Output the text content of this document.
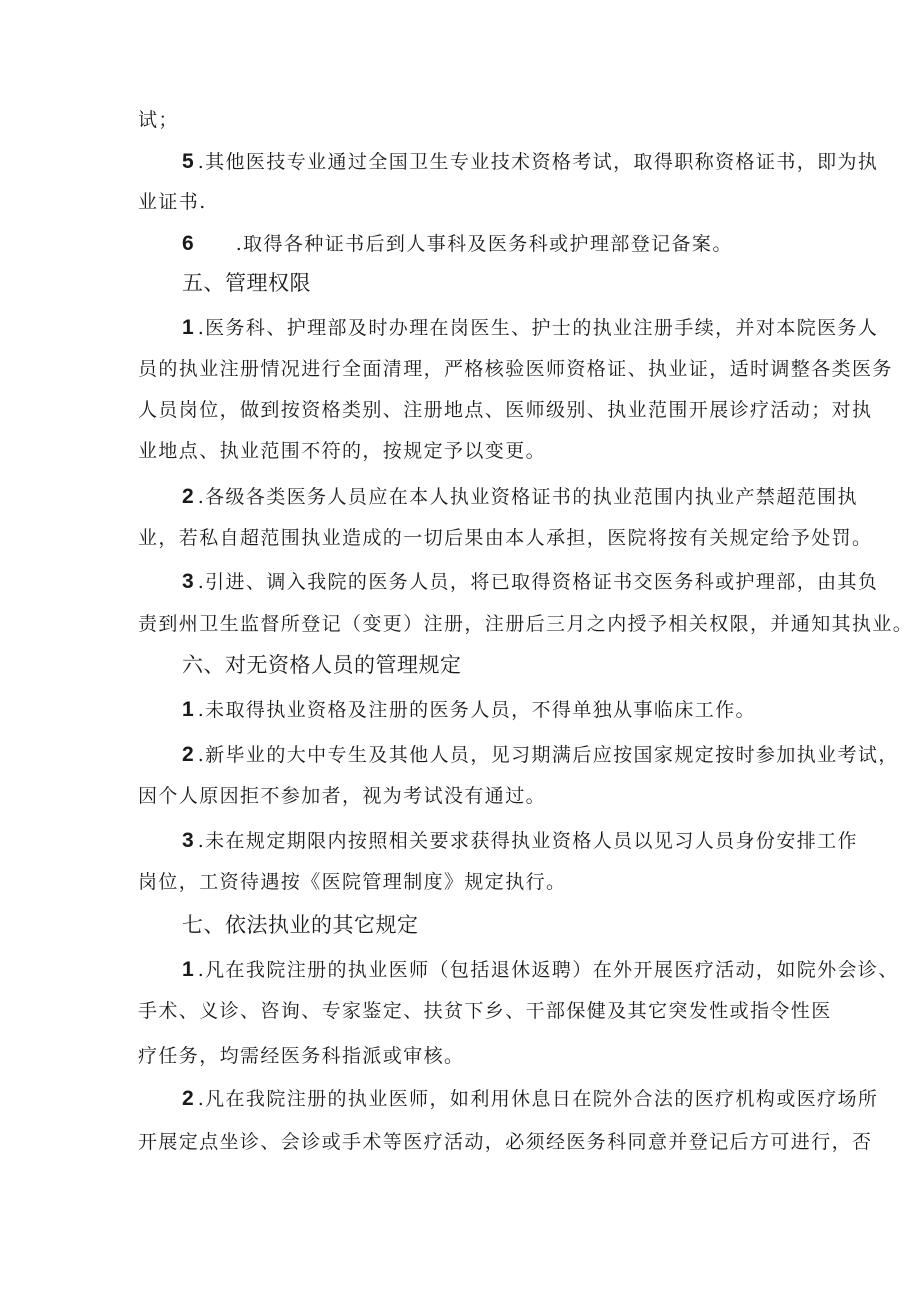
试；
5 .其他医技专业通过全国卫生专业技术资格考试，取得职称资格证书，即为执
业证书.
6 .取得各种证书后到人事科及医务科或护理部登记备案。
五、管理权限
1 .医务科、护理部及时办理在岗医生、护士的执业注册手续，并对本院医务人
员的执业注册情况进行全面清理，严格核验医师资格证、执业证，适时调整各类医务
人员岗位，做到按资格类别、注册地点、医师级别、执业范围开展诊疗活动；对执
业地点、执业范围不符的，按规定予以变更。
2 .各级各类医务人员应在本人执业资格证书的执业范围内执业产禁超范围执
业，若私自超范围执业造成的一切后果由本人承担，医院将按有关规定给予处罚。
3 .引进、调入我院的医务人员，将已取得资格证书交医务科或护理部，由其负
责到州卫生监督所登记（变更）注册，注册后三月之内授予相关权限，并通知其执业。
六、对无资格人员的管理规定
1 .未取得执业资格及注册的医务人员，不得单独从事临床工作。
2 .新毕业的大中专生及其他人员，见习期满后应按国家规定按时参加执业考试，
因个人原因拒不参加者，视为考试没有通过。
3 .未在规定期限内按照相关要求获得执业资格人员以见习人员身份安排工作
岗位，工资待遇按《医院管理制度》规定执行。
七、依法执业的其它规定
1 .凡在我院注册的执业医师（包括退休返聘）在外开展医疗活动，如院外会诊、
手术、义诊、咨询、专家鉴定、扶贫下乡、干部保健及其它突发性或指令性医
疗任务，均需经医务科指派或审核。
2 .凡在我院注册的执业医师，如利用休息日在院外合法的医疗机构或医疗场所
开展定点坐诊、会诊或手术等医疗活动，必须经医务科同意并登记后方可进行，否
